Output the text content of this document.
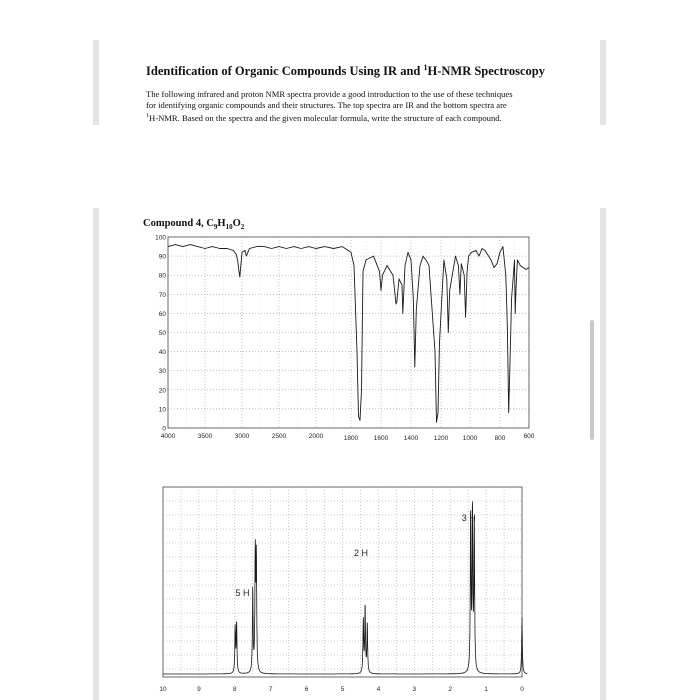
Identification of Organic Compounds Using IR and $^1$H-NMR Spectroscopy
The following infrared and proton NMR spectra provide a good introduction to the use of these techniques
for identifying organic compounds and their structures. The top spectra are IR and the bottom spectra are
$^1$H-NMR. Based on the spectra and the given molecular formula, write the structure of each compound.
Compound 4, $C_9H_{10}O_2$
100
90
80
70
60
50
40
30
20
10
0
4000	3500	3000	2500	2000	1800 1600 1400 1200 1000	800	600
10	9	8	7	6	5	4	3	2	1	0
5 H
2 H
3 H
